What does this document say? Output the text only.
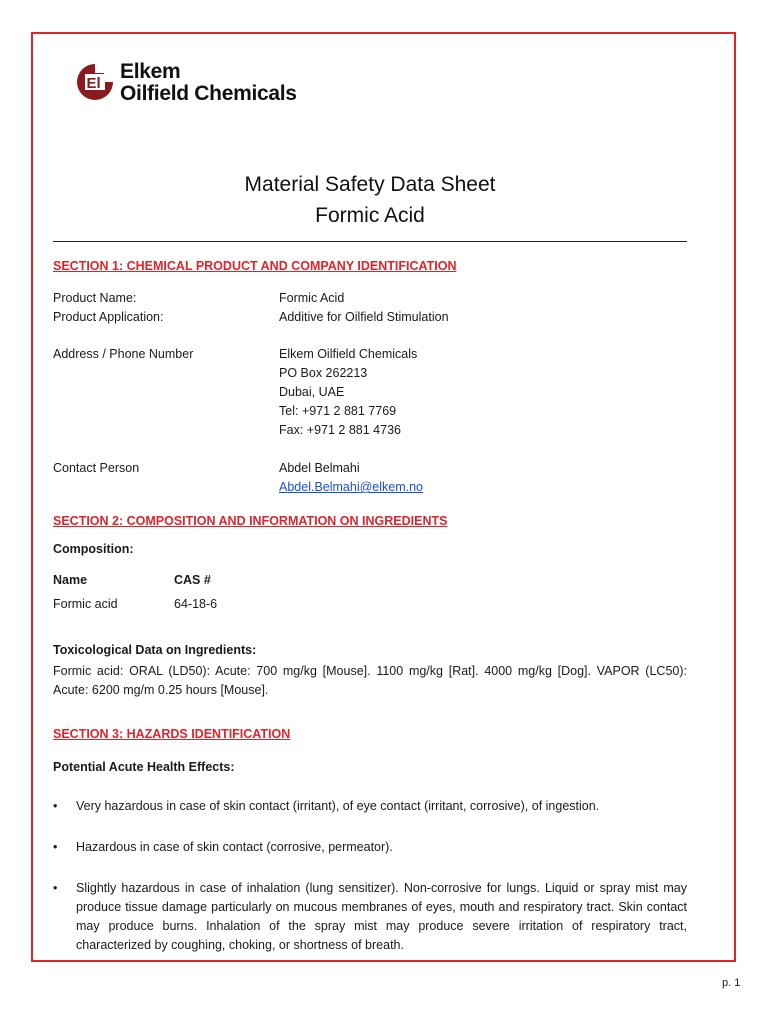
El
Elkem
Oilfield Chemicals
Material Safety Data Sheet
Formic Acid
SECTION 1: CHEMICAL PRODUCT AND COMPANY IDENTIFICATION
Product Name:	Formic Acid
Product Application:	Additive for Oilfield Stimulation
Address / Phone Number	Elkem Oilfield Chemicals
PO Box 262213
Dubai, UAE
Tel: +971 2 881 7769
Fax: +971 2 881 4736
Contact Person	Abdel Belmahi
Abdel.Belmahi@elkem.no
SECTION 2: COMPOSITION AND INFORMATION ON INGREDIENTS
Composition:
Name	CAS #
Formic acid	64-18-6
Toxicological Data on Ingredients:
Formic acid: ORAL (LD50): Acute: 700 mg/kg [Mouse]. 1100 mg/kg [Rat]. 4000 mg/kg [Dog]. VAPOR (LC50): Acute: 6200 mg/m 0.25 hours [Mouse].
SECTION 3: HAZARDS IDENTIFICATION
Potential Acute Health Effects:
• Very hazardous in case of skin contact (irritant), of eye contact (irritant, corrosive), of ingestion.
• Hazardous in case of skin contact (corrosive, permeator).
• Slightly hazardous in case of inhalation (lung sensitizer). Non-corrosive for lungs. Liquid or spray mist may produce tissue damage particularly on mucous membranes of eyes, mouth and respiratory tract. Skin contact may produce burns. Inhalation of the spray mist may produce severe irritation of respiratory tract, characterized by coughing, choking, or shortness of breath.
p. 1
